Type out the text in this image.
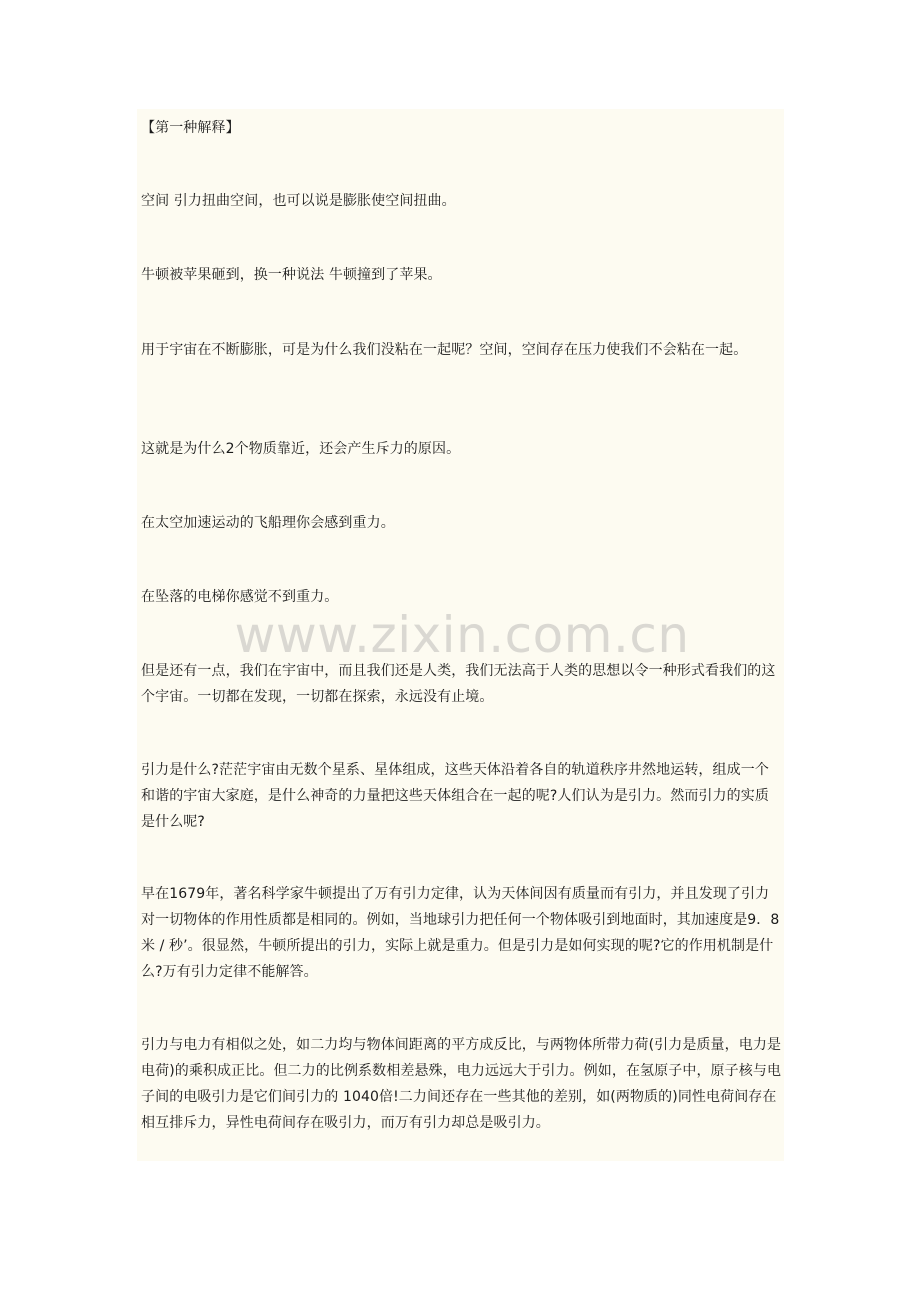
【第一种解释】
空间 引力扭曲空间，也可以说是膨胀使空间扭曲。
牛顿被苹果砸到，换一种说法 牛顿撞到了苹果。
用于宇宙在不断膨胀，可是为什么我们没粘在一起呢？空间，空间存在压力使我们不会粘在一起。
这就是为什么2个物质靠近，还会产生斥力的原因。
在太空加速运动的飞船理你会感到重力。
在坠落的电梯你感觉不到重力。
但是还有一点，我们在宇宙中，而且我们还是人类，我们无法高于人类的思想以令一种形式看我们的这个宇宙。一切都在发现，一切都在探索，永远没有止境。
引力是什么?茫茫宇宙由无数个星系、星体组成，这些天体沿着各自的轨道秩序井然地运转，组成一个和谐的宇宙大家庭，是什么神奇的力量把这些天体组合在一起的呢?人们认为是引力。然而引力的实质是什么呢?
早在1679年，著名科学家牛顿提出了万有引力定律，认为天体间因有质量而有引力，并且发现了引力对一切物体的作用性质都是相同的。例如，当地球引力把任何一个物体吸引到地面时，其加速度是9．8米 / 秒’。很显然，牛顿所提出的引力，实际上就是重力。但是引力是如何实现的呢?它的作用机制是什么?万有引力定律不能解答。
引力与电力有相似之处，如二力均与物体间距离的平方成反比，与两物体所带力荷(引力是质量，电力是电荷)的乘积成正比。但二力的比例系数相差悬殊，电力远远大于引力。例如，在氢原子中，原子核与电子间的电吸引力是它们间引力的 1040倍!二力间还存在一些其他的差别，如(两物质的)同性电荷间存在相互排斥力，异性电荷间存在吸引力，而万有引力却总是吸引力。
www.zixin.com.cn
